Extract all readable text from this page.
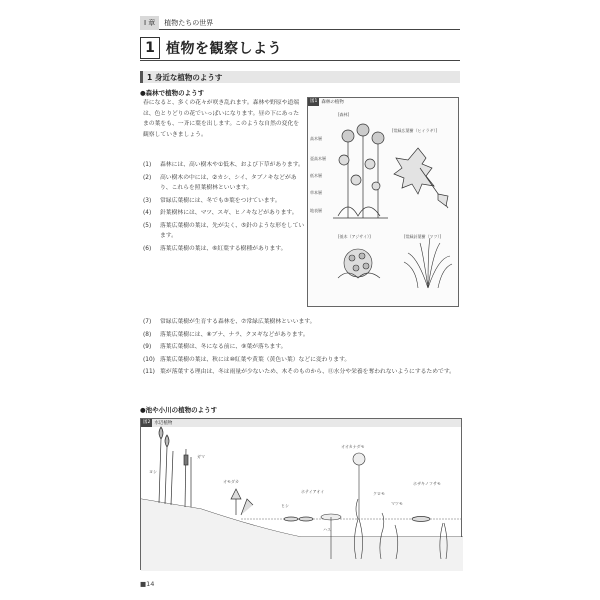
I 章	植物たちの世界
1 植物を観察しよう
1 身近な植物のようす
●森林で植物のようす
春になると、多くの花々が咲き乱れます。森林や野原や道端は、色とりどりの花でいっぱいになります。昼の下にあったまの葉をも、一斉に葉を出します。このような自然の変化を観察していきましょう。
(1)	森林には、高い樹木や①低木、および下草があります。
(2)	高い樹木の中には、②カシ、シイ、タブノキなどがあり、これらを照葉樹林といいます。
(3)	常緑広葉樹には、冬でも③葉をつけています。
(4)	針葉樹林には、マツ、スギ、ヒノキなどがあります。
(5)	落葉広葉樹の葉は、先が尖く、⑤針のような形をしています。
(6)	落葉広葉樹の葉は、⑥紅葉する樹種があります。
(7)	常緑広葉樹が生育する森林を、⑦常緑広葉樹林といいます。
(8)	落葉広葉樹には、⑧ブナ、ナラ、クヌギなどがあります。
(9)	落葉広葉樹は、冬になる前に、⑨葉が落ちます。
(10) 落葉広葉樹の葉は、秋には⑩紅葉や黄葉（黄色い葉）などに変わります。
(11) 葉が落葉する理由は、冬は雨量が少ないため、木そのものから、⑪水分や栄養を奪われないようにするためです。
図1 森林の植物
[森林]
高木層
亜高木層
低木層
草本層
地表層
[常緑広葉樹（ヒイラギ）]
[低木（アジサイ）]	[常緑針葉樹（マツ）]
●池や小川の植物のようす
図2 水辺植物
ヨシ
ガマ
オモダカ
ヒシ
ホテイアオイ
オオカナダモ
クロモ
マツモ
ホザキノフサモ
ハス
■14
